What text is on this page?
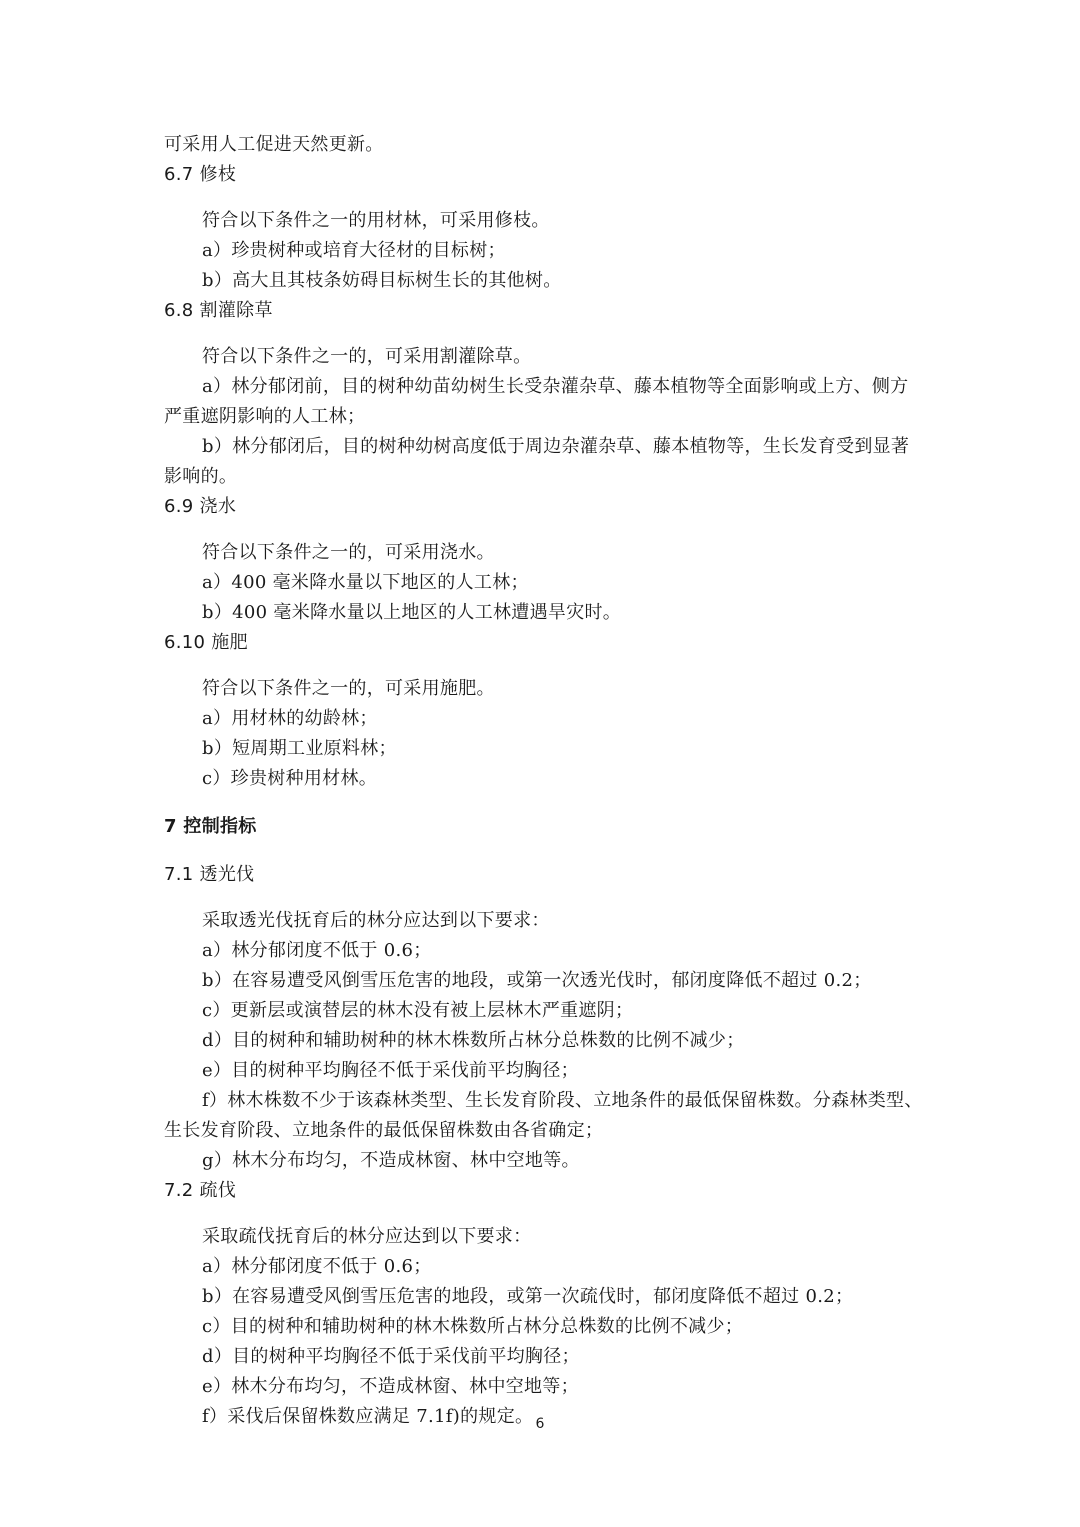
可采用人工促进天然更新。

6.7 修枝

符合以下条件之一的用材林，可采用修枝。

a）珍贵树种或培育大径材的目标树；

b）高大且其枝条妨碍目标树生长的其他树。

6.8 割灌除草

符合以下条件之一的，可采用割灌除草。

a）林分郁闭前，目的树种幼苗幼树生长受杂灌杂草、藤本植物等全面影响或上方、侧方严重遮阴影响的人工林；

b）林分郁闭后，目的树种幼树高度低于周边杂灌杂草、藤本植物等，生长发育受到显著影响的。

6.9 浇水

符合以下条件之一的，可采用浇水。

a）400 毫米降水量以下地区的人工林；

b）400 毫米降水量以上地区的人工林遭遇旱灾时。

6.10 施肥

符合以下条件之一的，可采用施肥。

a）用材林的幼龄林；

b）短周期工业原料林；

c）珍贵树种用材林。

7 控制指标
7.1 透光伐

采取透光伐抚育后的林分应达到以下要求：

a）林分郁闭度不低于 0.6；

b）在容易遭受风倒雪压危害的地段，或第一次透光伐时，郁闭度降低不超过 0.2；

c）更新层或演替层的林木没有被上层林木严重遮阴；

d）目的树种和辅助树种的林木株数所占林分总株数的比例不减少；

e）目的树种平均胸径不低于采伐前平均胸径；

f）林木株数不少于该森林类型、生长发育阶段、立地条件的最低保留株数。分森林类型、生长发育阶段、立地条件的最低保留株数由各省确定；

g）林木分布均匀，不造成林窗、林中空地等。

7.2 疏伐

采取疏伐抚育后的林分应达到以下要求：

a）林分郁闭度不低于 0.6；

b）在容易遭受风倒雪压危害的地段，或第一次疏伐时，郁闭度降低不超过 0.2；

c）目的树种和辅助树种的林木株数所占林分总株数的比例不减少；

d）目的树种平均胸径不低于采伐前平均胸径；

e）林木分布均匀，不造成林窗、林中空地等；

f）采伐后保留株数应满足 7.1f)的规定。 6
